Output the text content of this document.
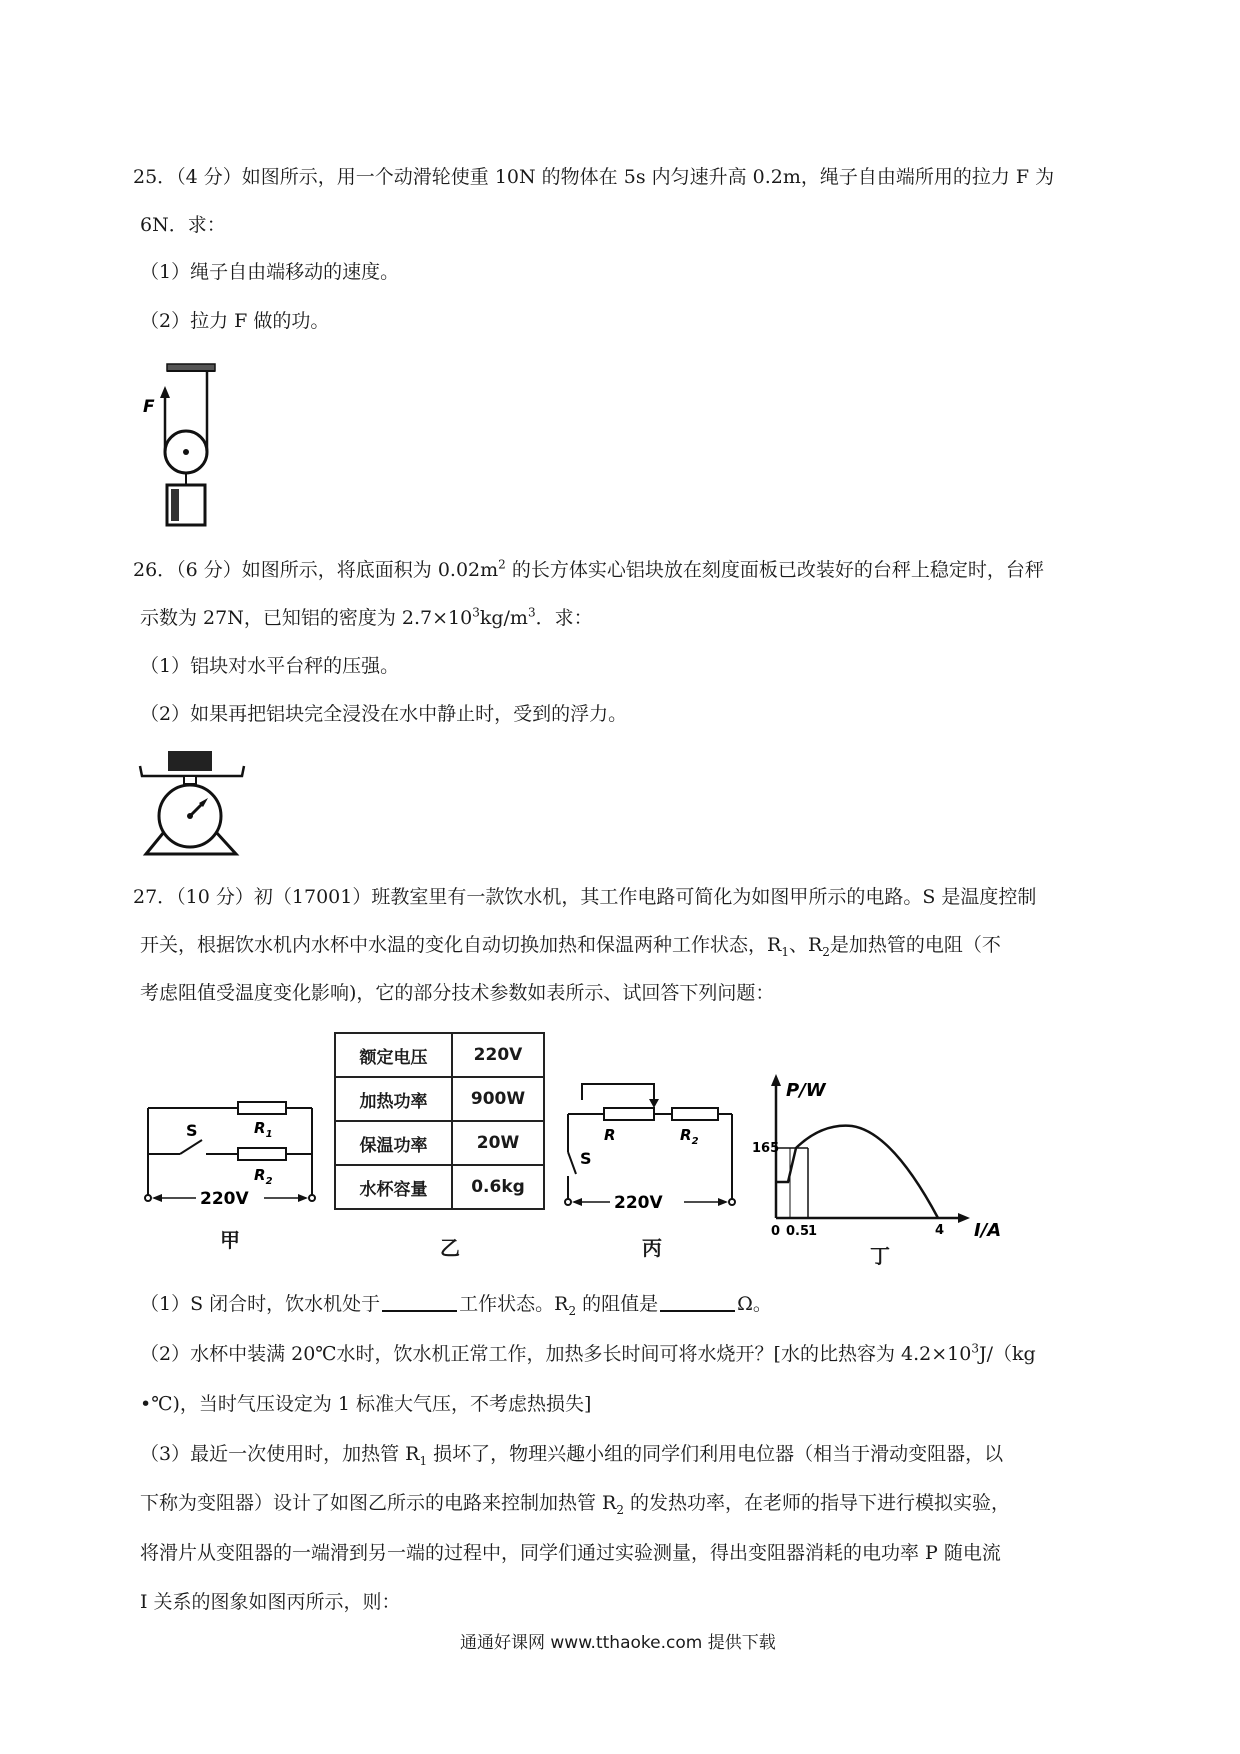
25．（4 分）如图所示，用一个动滑轮使重 10N 的物体在 5s 内匀速升高 0.2m，绳子自由端所用的拉力 F 为
6N．求：
（1）绳子自由端移动的速度。
（2）拉力 F 做的功。
F
26．（6 分）如图所示，将底面积为 $0.02m^2$ 的长方体实心铝块放在刻度面板已改装好的台秤上稳定时，台秤
示数为 27N，已知铝的密度为 $2.7\times 10^3kg/m^3$．求：
（1）铝块对水平台秤的压强。
（2）如果再把铝块完全浸没在水中静止时，受到的浮力。
27．（10 分）初（17001）班教室里有一款饮水机，其工作电路可简化为如图甲所示的电路。S 是温度控制
开关，根据饮水机内水杯中水温的变化自动切换加热和保温两种工作状态，$R_1$、$R_2$是加热管的电阻（不
考虑阻值受温度变化影响)，它的部分技术参数如表所示、试回答下列问题：
S	$R_1$
$R_2$
220V
甲
额定电压	220V
加热功率	900W
保温功率	20W
水杯容量	0.6kg
乙
S
R	$R_2$
220V
丙
P/W
165
0 0.5
1	4 I/A
丁
（1）S 闭合时，饮水机处于	工作状态。$R_2$ 的阻值是	Ω。
（2）水杯中装满 20℃水时，饮水机正常工作，加热多长时间可将水烧开？[水的比热容为 $4.2\times 10^3J/(kg$
•℃)，当时气压设定为 1 标准大气压，不考虑热损失]
（3）最近一次使用时，加热管 $R_1$ 损坏了，物理兴趣小组的同学们利用电位器（相当于滑动变阻器，以
下称为变阻器）设计了如图乙所示的电路来控制加热管 $R_2$ 的发热功率，在老师的指导下进行模拟实验，
将滑片从变阻器的一端滑到另一端的过程中，同学们通过实验测量，得出变阻器消耗的电功率 P 随电流
I 关系的图象如图丙所示，则：
通通好课网 www.tthaoke.com 提供下载
